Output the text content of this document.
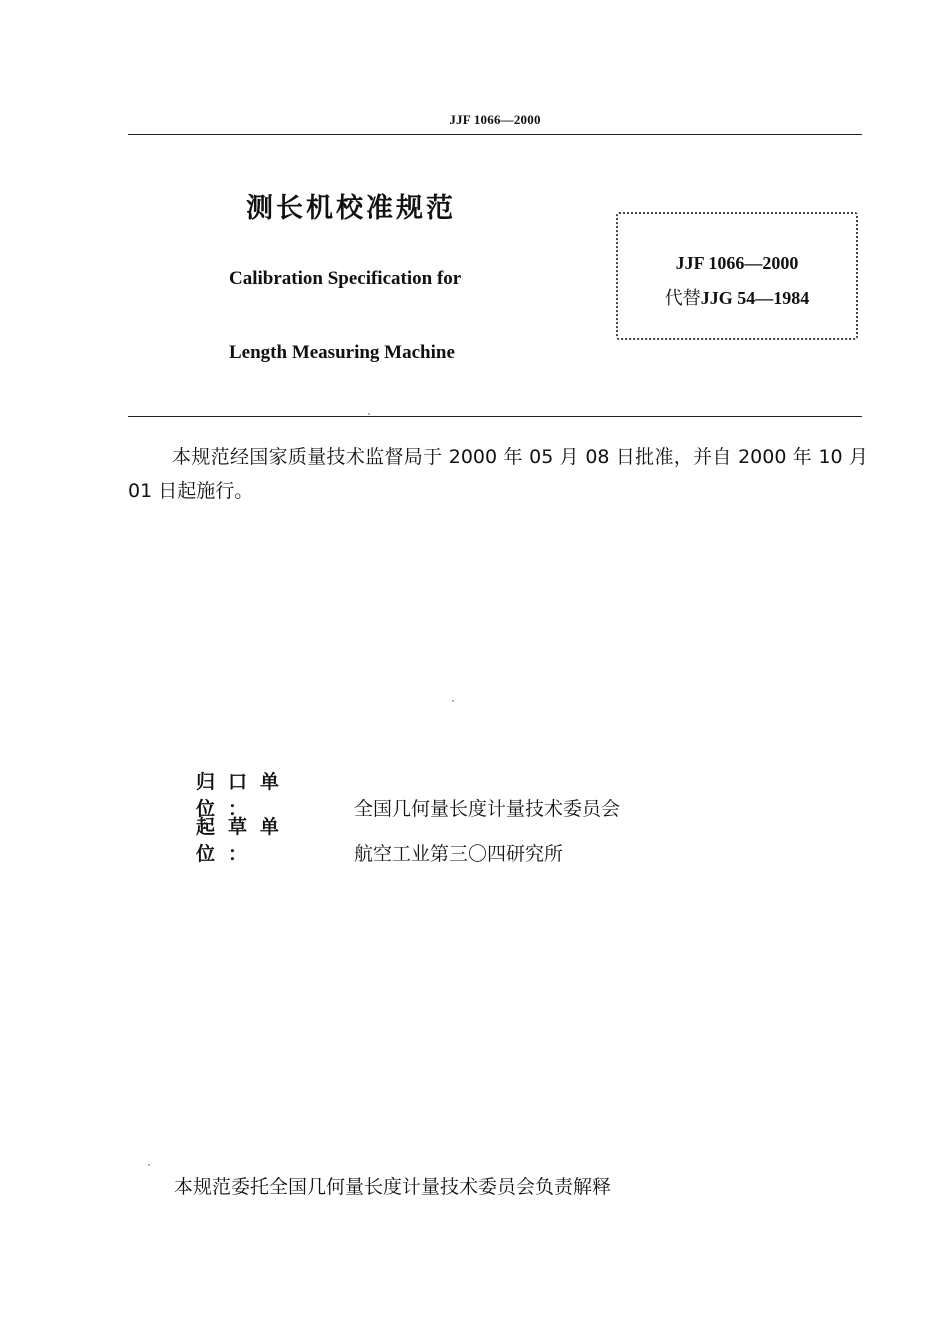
JJF 1066—2000
测长机校准规范
Calibration Specification for
Length Measuring Machine
JJF 1066—2000
代替JJG 54—1984
本规范经国家质量技术监督局于 2000 年 05 月 08 日批准，并自 2000 年 10 月 01 日起施行。
归口单位：	全国几何量长度计量技术委员会
起草单位：	航空工业第三〇四研究所
本规范委托全国几何量长度计量技术委员会负责解释
